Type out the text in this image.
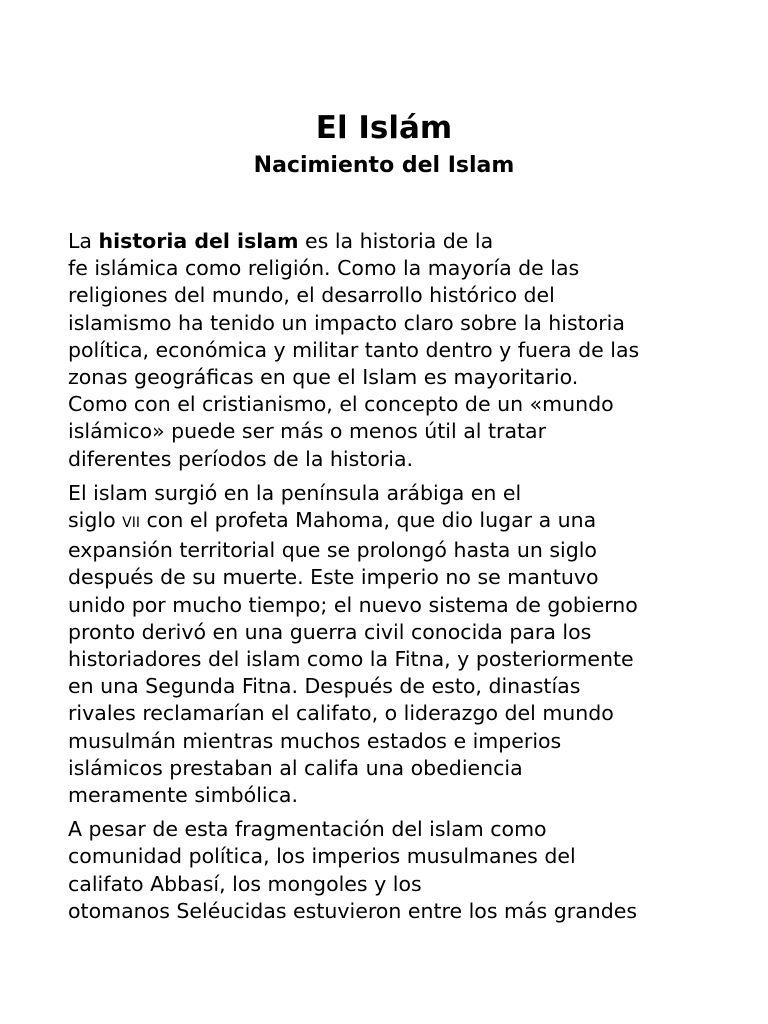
El Islám
Nacimiento del Islam

La historia del islam es la historia de la
fe islámica como religión. Como la mayoría de las
religiones del mundo, el desarrollo histórico del
islamismo ha tenido un impacto claro sobre la historia
política, económica y militar tanto dentro y fuera de las
zonas geográficas en que el Islam es mayoritario.
Como con el cristianismo, el concepto de un «mundo
islámico» puede ser más o menos útil al tratar
diferentes períodos de la historia.

El islam surgió en la península arábiga en el
siglo VII con el profeta Mahoma, que dio lugar a una
expansión territorial que se prolongó hasta un siglo
después de su muerte. Este imperio no se mantuvo
unido por mucho tiempo; el nuevo sistema de gobierno
pronto derivó en una guerra civil conocida para los
historiadores del islam como la Fitna, y posteriormente
en una Segunda Fitna. Después de esto, dinastías
rivales reclamarían el califato, o liderazgo del mundo
musulmán mientras muchos estados e imperios
islámicos prestaban al califa una obediencia
meramente simbólica.

A pesar de esta fragmentación del islam como
comunidad política, los imperios musulmanes del
califato Abbasí, los mongoles y los
otomanos Seléucidas estuvieron entre los más grandes
